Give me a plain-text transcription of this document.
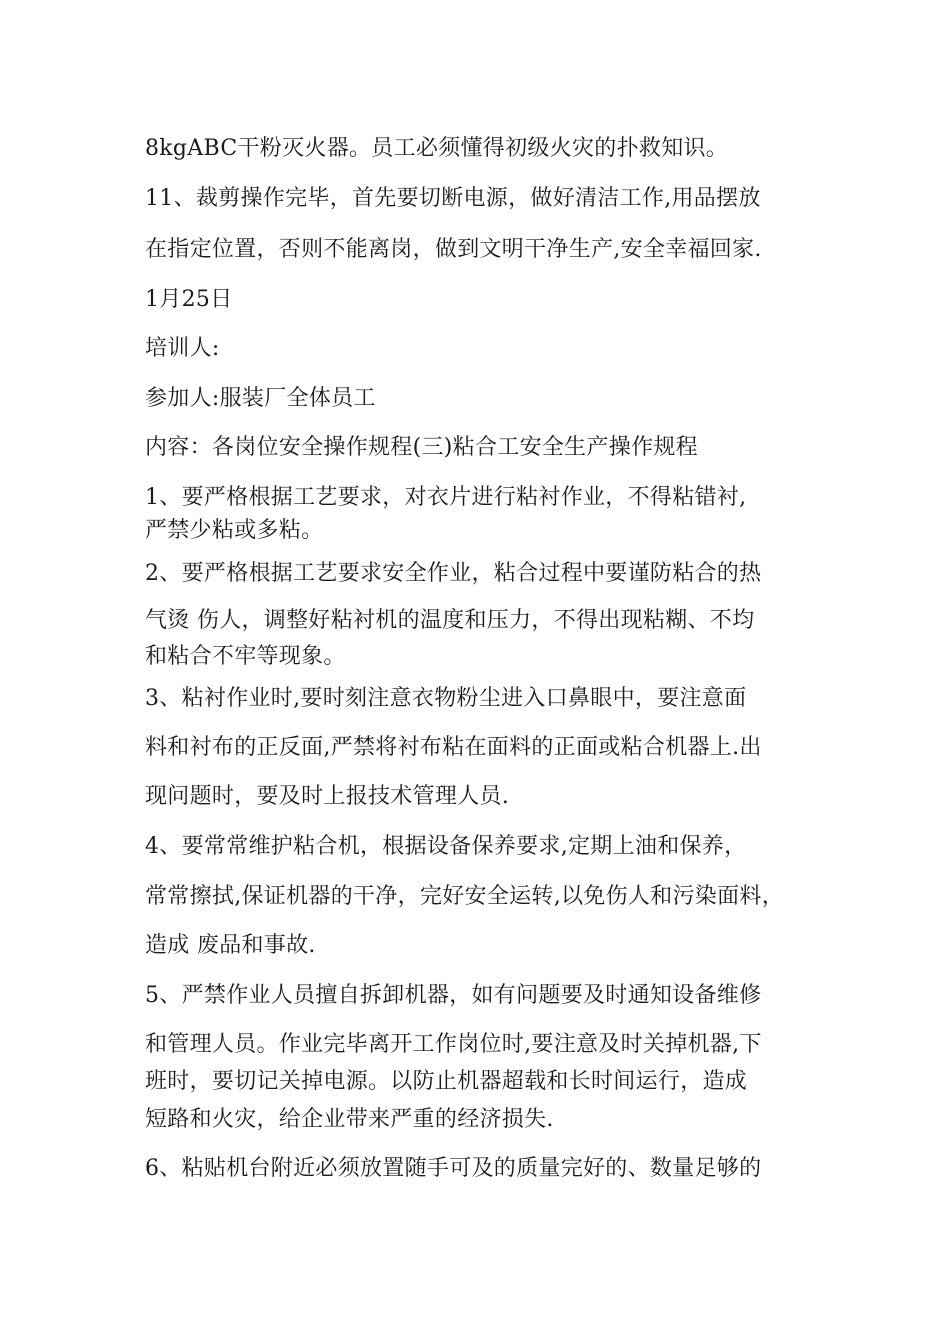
8kgABC干粉灭火器。员工必须懂得初级火灾的扑救知识。
11、裁剪操作完毕，首先要切断电源，做好清洁工作,用品摆放
在指定位置，否则不能离岗，做到文明干净生产,安全幸福回家.
1月25日
培训人:
参加人:服装厂全体员工
内容：各岗位安全操作规程(三)粘合工安全生产操作规程
1、要严格根据工艺要求，对衣片进行粘衬作业，不得粘错衬,
严禁少粘或多粘。
2、要严格根据工艺要求安全作业，粘合过程中要谨防粘合的热
气烫 伤人，调整好粘衬机的温度和压力，不得出现粘糊、不均
和粘合不牢等现象。
3、粘衬作业时,要时刻注意衣物粉尘进入口鼻眼中，要注意面
料和衬布的正反面,严禁将衬布粘在面料的正面或粘合机器上.出
现问题时，要及时上报技术管理人员.
4、要常常维护粘合机，根据设备保养要求,定期上油和保养，
常常擦拭,保证机器的干净，完好安全运转,以免伤人和污染面料，
造成 废品和事故.
5、严禁作业人员擅自拆卸机器，如有问题要及时通知设备维修
和管理人员。作业完毕离开工作岗位时,要注意及时关掉机器,下
班时，要切记关掉电源。以防止机器超载和长时间运行，造成
短路和火灾，给企业带来严重的经济损失.
6、粘贴机台附近必须放置随手可及的质量完好的、数量足够的
